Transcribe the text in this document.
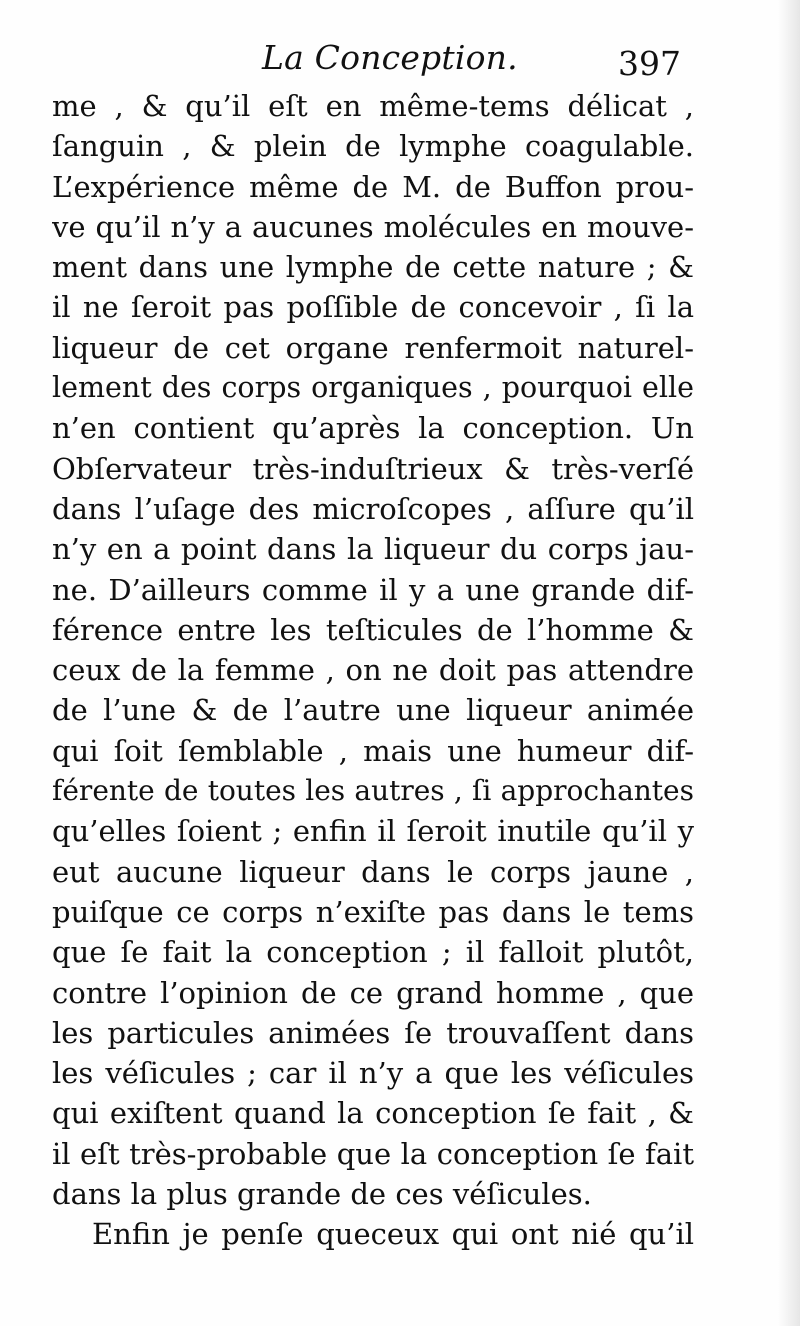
La Conception.	397
me , & qu’il eſt en même-tems délicat ,
ſanguin , & plein de lymphe coagulable.
L’expérience même de M. de Buffon prou-
ve qu’il n’y a aucunes molécules en mouve-
ment dans une lymphe de cette nature ; &
il ne ſeroit pas poſſible de concevoir , ſi la
liqueur de cet organe renfermoit naturel-
lement des corps organiques , pourquoi elle
n’en contient qu’après la conception. Un
Obſervateur très-induſtrieux & très-verſé
dans l’uſage des microſcopes , aſſure qu’il
n’y en a point dans la liqueur du corps jau-
ne. D’ailleurs comme il y a une grande dif-
férence entre les teſticules de l’homme &
ceux de la femme , on ne doit pas attendre
de l’une & de l’autre une liqueur animée
qui ſoit ſemblable , mais une humeur dif-
férente de toutes les autres , ſi approchantes
qu’elles ſoient ; enfin il ſeroit inutile qu’il y
eut aucune liqueur dans le corps jaune ,
puiſque ce corps n’exiſte pas dans le tems
que ſe fait la conception ; il falloit plutôt,
contre l’opinion de ce grand homme , que
les particules animées ſe trouvaſſent dans
les véſicules ; car il n’y a que les véſicules
qui exiſtent quand la conception ſe fait , &
il eſt très-probable que la conception ſe fait
dans la plus grande de ces véſicules.
Enfin je penſe queceux qui ont nié qu’il
